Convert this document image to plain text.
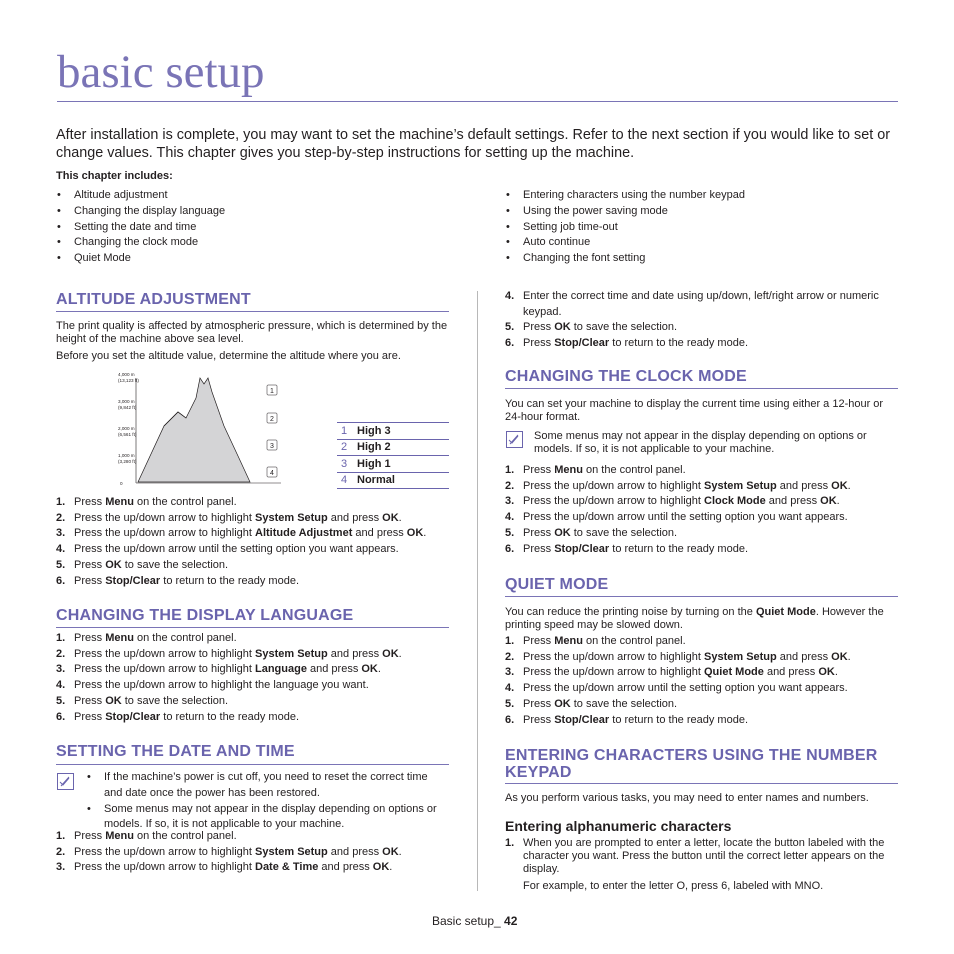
basic setup
After installation is complete, you may want to set the machine’s default settings. Refer to the next section if you would like to set or change values. This chapter gives you step-by-step instructions for setting up the machine.
This chapter includes:
• Altitude adjustment
• Changing the display language
• Setting the date and time
• Changing the clock mode
• Quiet Mode
• Entering characters using the number keypad
• Using the power saving mode
• Setting job time-out
• Auto continue
• Changing the font setting
ALTITUDE ADJUSTMENT
The print quality is affected by atmospheric pressure, which is determined by the height of the machine above sea level.
Before you set the altitude value, determine the altitude where you are.
4,000 m
(13,123 ft)
3,000 m
(9,842 ft)
2,000 m
(6,561 ft)
1,000 m
(3,280 ft)
0
1
2
3
4
1	High 3
2	High 2
3	High 1
4	Normal
1. Press Menu on the control panel.
2. Press the up/down arrow to highlight System Setup and press OK.
3. Press the up/down arrow to highlight Altitude Adjustmet and press OK.
4. Press the up/down arrow until the setting option you want appears.
5. Press OK to save the selection.
6. Press Stop/Clear to return to the ready mode.
CHANGING THE DISPLAY LANGUAGE
1. Press Menu on the control panel.
2. Press the up/down arrow to highlight System Setup and press OK.
3. Press the up/down arrow to highlight Language and press OK.
4. Press the up/down arrow to highlight the language you want.
5. Press OK to save the selection.
6. Press Stop/Clear to return to the ready mode.
SETTING THE DATE AND TIME
• If the machine’s power is cut off, you need to reset the correct time and date once the power has been restored.
• Some menus may not appear in the display depending on options or models. If so, it is not applicable to your machine.
1. Press Menu on the control panel.
2. Press the up/down arrow to highlight System Setup and press OK.
3. Press the up/down arrow to highlight Date & Time and press OK.
4. Enter the correct time and date using up/down, left/right arrow or numeric keypad.
5. Press OK to save the selection.
6. Press Stop/Clear to return to the ready mode.
CHANGING THE CLOCK MODE
You can set your machine to display the current time using either a 12-hour or 24-hour format.
Some menus may not appear in the display depending on options or models. If so, it is not applicable to your machine.
1. Press Menu on the control panel.
2. Press the up/down arrow to highlight System Setup and press OK.
3. Press the up/down arrow to highlight Clock Mode and press OK.
4. Press the up/down arrow until the setting option you want appears.
5. Press OK to save the selection.
6. Press Stop/Clear to return to the ready mode.
QUIET MODE
You can reduce the printing noise by turning on the Quiet Mode. However the printing speed may be slowed down.
1. Press Menu on the control panel.
2. Press the up/down arrow to highlight System Setup and press OK.
3. Press the up/down arrow to highlight Quiet Mode and press OK.
4. Press the up/down arrow until the setting option you want appears.
5. Press OK to save the selection.
6. Press Stop/Clear to return to the ready mode.
ENTERING CHARACTERS USING THE NUMBER KEYPAD
As you perform various tasks, you may need to enter names and numbers.
Entering alphanumeric characters
1. When you are prompted to enter a letter, locate the button labeled with the character you want. Press the button until the correct letter appears on the display.
For example, to enter the letter O, press 6, labeled with MNO.
Basic setup_ 42
